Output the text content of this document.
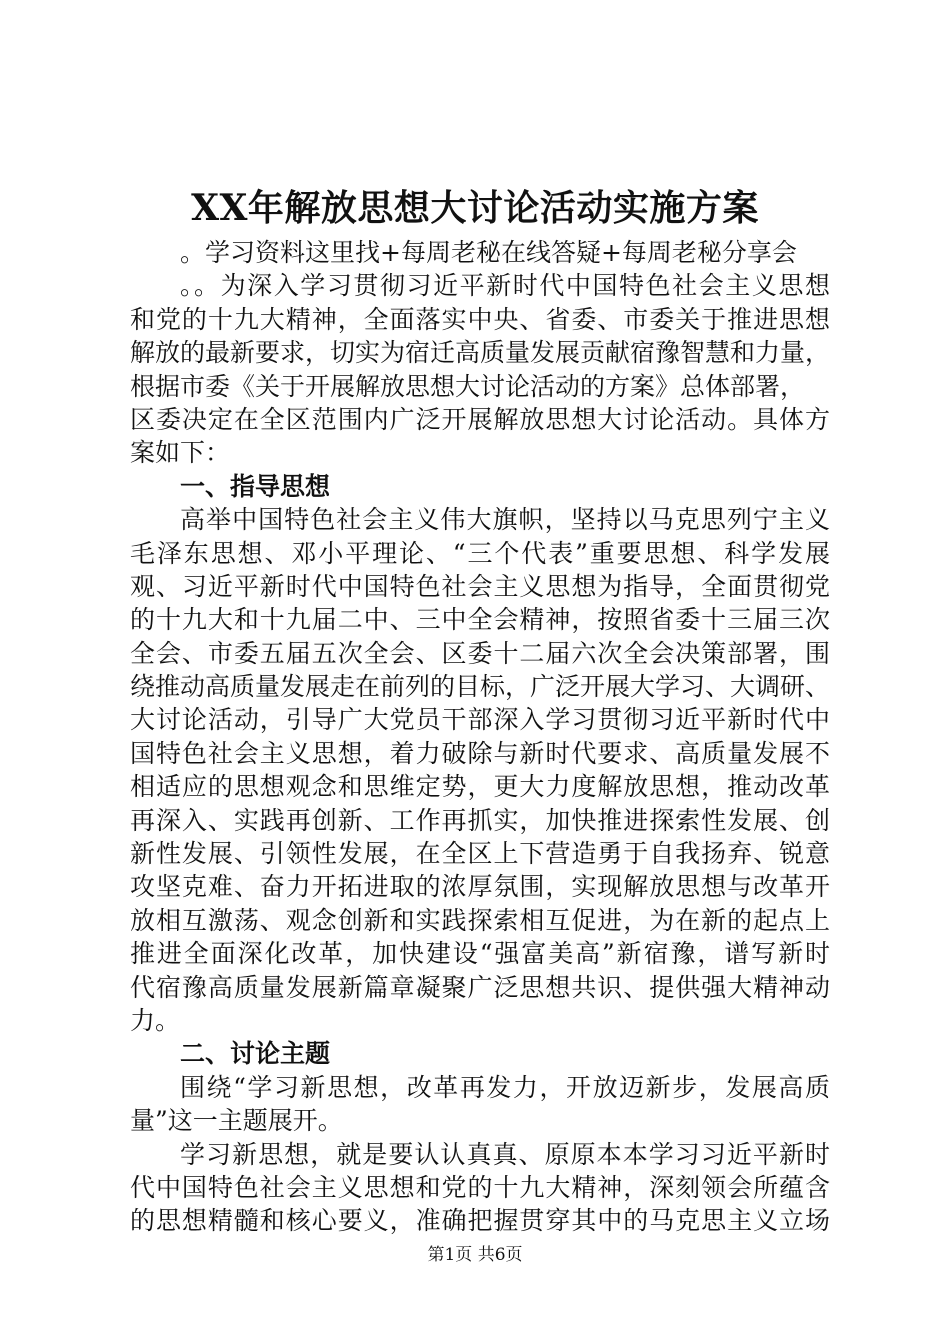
XX年解放思想大讨论活动实施方案
。学习资料这里找+每周老秘在线答疑+每周老秘分享会
。。为深入学习贯彻习近平新时代中国特色社会主义思想
和党的十九大精神，全面落实中央、省委、市委关于推进思想
解放的最新要求，切实为宿迁高质量发展贡献宿豫智慧和力量，
根据市委《关于开展解放思想大讨论活动的方案》总体部署，
区委决定在全区范围内广泛开展解放思想大讨论活动。具体方
案如下：
一、指导思想
高举中国特色社会主义伟大旗帜，坚持以马克思列宁主义
毛泽东思想、邓小平理论、“三个代表”重要思想、科学发展
观、习近平新时代中国特色社会主义思想为指导，全面贯彻党
的十九大和十九届二中、三中全会精神，按照省委十三届三次
全会、市委五届五次全会、区委十二届六次全会决策部署，围
绕推动高质量发展走在前列的目标，广泛开展大学习、大调研、
大讨论活动，引导广大党员干部深入学习贯彻习近平新时代中
国特色社会主义思想，着力破除与新时代要求、高质量发展不
相适应的思想观念和思维定势，更大力度解放思想，推动改革
再深入、实践再创新、工作再抓实，加快推进探索性发展、创
新性发展、引领性发展，在全区上下营造勇于自我扬弃、锐意
攻坚克难、奋力开拓进取的浓厚氛围，实现解放思想与改革开
放相互激荡、观念创新和实践探索相互促进，为在新的起点上
推进全面深化改革，加快建设“强富美高”新宿豫，谱写新时
代宿豫高质量发展新篇章凝聚广泛思想共识、提供强大精神动
力。
二、讨论主题
围绕“学习新思想，改革再发力，开放迈新步，发展高质
量”这一主题展开。
学习新思想，就是要认认真真、原原本本学习习近平新时
代中国特色社会主义思想和党的十九大精神，深刻领会所蕴含
的思想精髓和核心要义，准确把握贯穿其中的马克思主义立场
第1页 共6页
